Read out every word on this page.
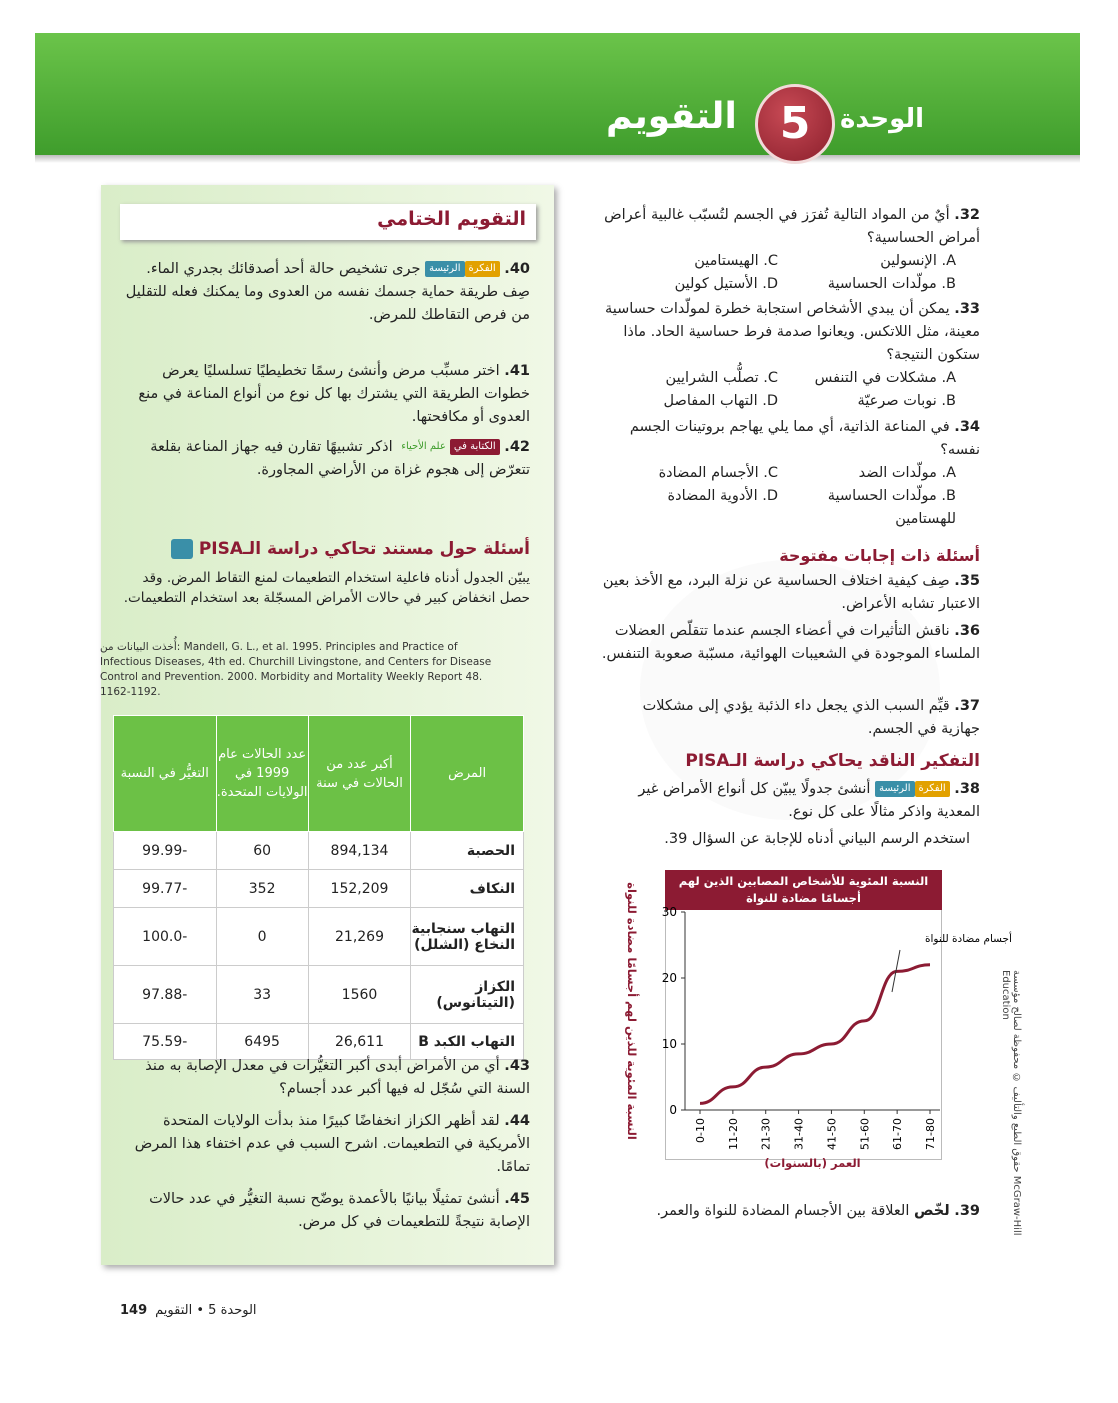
الوحدة
5
التقويم
32. أيٌ من المواد التالية تُفرَز في الجسم لتُسبّب غالبية أعراض أمراض الحساسية؟
A. الإنسولين
C. الهيستامين
B. مولّدات الحساسية
D. الأستيل كولين
33. يمكن أن يبدي الأشخاص استجابة خطرة لمولّدات حساسية معينة، مثل اللاتكس. ويعانوا صدمة فرط حساسية الحاد. ماذا ستكون النتيجة؟
A. مشكلات في التنفس
C. تصلُّب الشرايين
B. نوبات صرعيّة
D. التهاب المفاصل
34. في المناعة الذاتية، أي مما يلي يهاجم بروتينات الجسم نفسه؟
A. مولّدات الضد
C. الأجسام المضادة
B. مولّدات الحساسية للهستامين
D. الأدوية المضادة
أسئلة ذات إجابات مفتوحة
35. صِف كيفية اختلاف الحساسية عن نزلة البرد، مع الأخذ بعين الاعتبار تشابه الأعراض.
36. ناقش التأثيرات في أعضاء الجسم عندما تتقلّص العضلات الملساء الموجودة في الشعيبات الهوائية، مسبّبة صعوبة التنفس.
37. قيِّم السبب الذي يجعل داء الذئبة يؤدي إلى مشكلات جهازية في الجسم.
التفكير الناقد يحاكي دراسة الـPISA
38. الفكرةالرئيسة أنشئ جدولًا يبيّن كل أنواع الأمراض غير المعدية واذكر مثالًا على كل نوع.
استخدم الرسم البياني أدناه للإجابة عن السؤال 39.
النسبة المئوية للأشخاص المصابين الذين لهم أجسامًا مضادة للنواة
0
10
20
30
0-10 11-20 21-30 31-40 41-50 51-60 61-70 71-80
أجسام مضادة للنواة
العمر (بالسنوات)
النسبة المئوية للذين لهم أجسامًا مضادة للنواة
39. لخّص العلاقة بين الأجسام المضادة للنواة والعمر.
التقويم الختامي
40. الفكرةالرئيسة جرى تشخيص حالة أحد أصدقائك بجدري الماء. صِف طريقة حماية جسمك نفسه من العدوى وما يمكنك فعله للتقليل من فرص التقاطك للمرض.
41. اختر مسبِّب مرض وأنشئ رسمًا تخطيطيًا تسلسليًا يعرض خطوات الطريقة التي يشترك بها كل نوع من أنواع المناعة في منع العدوى أو مكافحتها.
42. الكتابة فيعلم الأحياء اذكر تشبيهًا تقارن فيه جهاز المناعة بقلعة تتعرّض إلى هجوم غزاة من الأراضي المجاورة.
أسئلة حول مستند تحاكي دراسة الـPISA
يبيّن الجدول أدناه فاعلية استخدام التطعيمات لمنع التقاط المرض. وقد حصل انخفاض كبير في حالات الأمراض المسجّلة بعد استخدام التطعيمات.
أُخذت البيانات من: Mandell, G. L., et al. 1995. Principles and Practice of Infectious Diseases, 4th ed. Churchill Livingstone, and Centers for Disease Control and Prevention. 2000. Morbidity and Mortality Weekly Report 48. 1162-1192.
المرض	أكبر عدد من الحالات في سنة	عدد الحالات عام 1999 في الولايات المتحدة.	التغيُّر في النسبة
الحصبة	894,134	60	-99.99
النكاف	152,209	352	-99.77
التهاب سنجابية النخاع (الشلل)	21,269	0	-100.0
الكزاز (التيتانوس)	1560	33	-97.88
التهاب الكبد B	26,611	6495	-75.59
43. أي من الأمراض أبدى أكبر التغيُّرات في معدل الإصابة به منذ السنة التي سُجّل له فيها أكبر عدد أجسام؟
44. لقد أظهر الكزاز انخفاضًا كبيرًا منذ بدأت الولايات المتحدة الأمريكية في التطعيمات. اشرح السبب في عدم اختفاء هذا المرض تمامًا.
45. أنشئ تمثيلًا بيانيًا بالأعمدة يوضّح نسبة التغيُّر في عدد حالات الإصابة نتيجةً للتطعيمات في كل مرض.
149	الوحدة 5 • التقويم
حقوق الطبع والتأليف © محفوظة لصالح مؤسسة McGraw-Hill Education
